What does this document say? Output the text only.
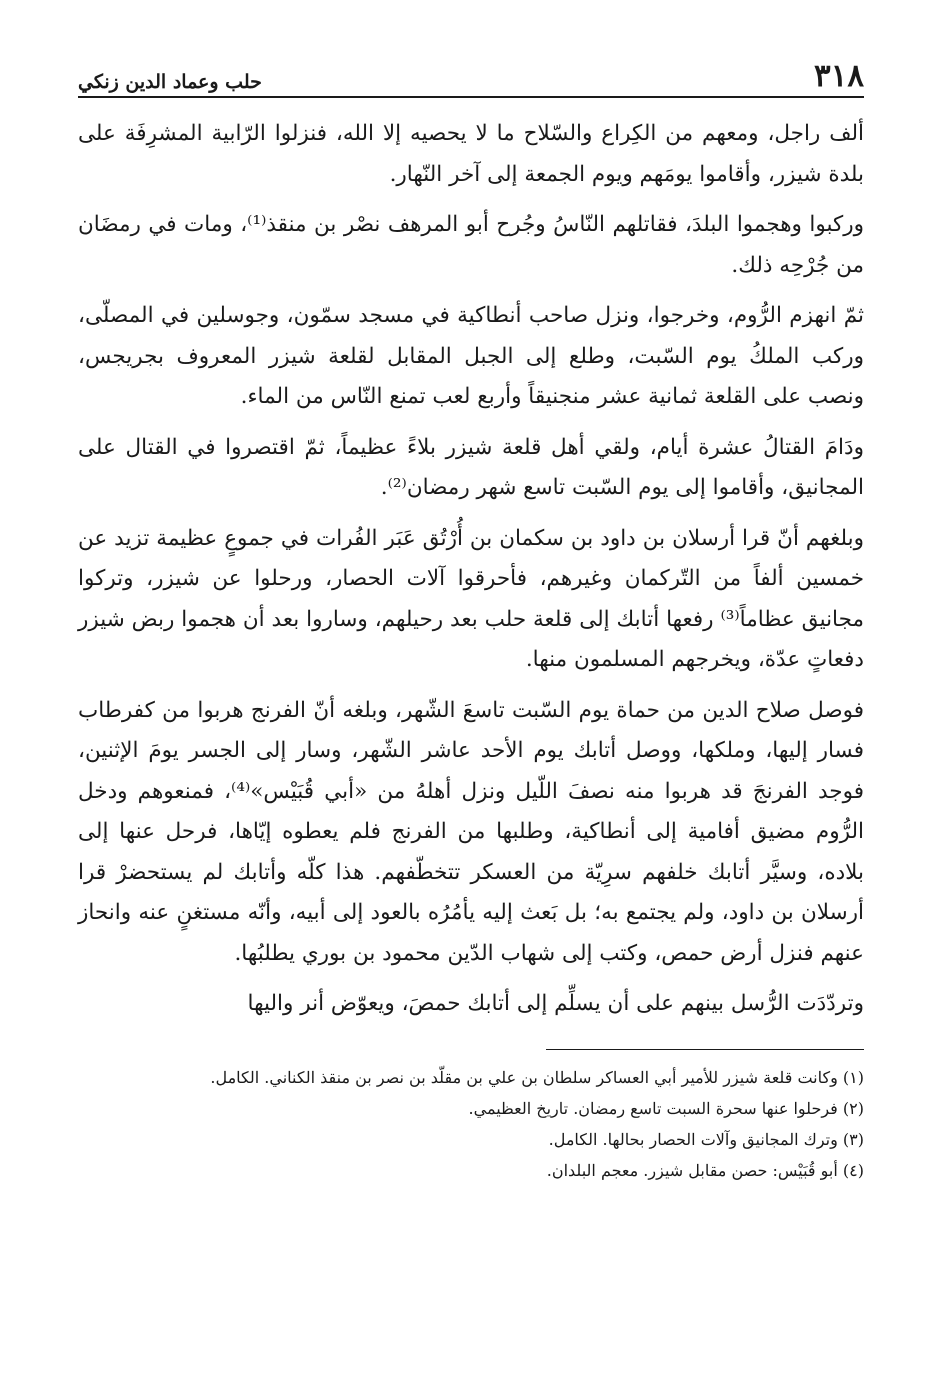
٣١٨
حلب وعماد الدين زنكي

ألف راجل، ومعهم من الكِراع والسّلاح ما لا يحصيه إلا الله، فنزلوا الرّابية المشرِفَة على بلدة شيزر، وأقاموا يومَهم ويوم الجمعة إلى آخر النّهار.

وركبوا وهجموا البلدَ، فقاتلهم النّاسُ وجُرح أبو المرهف نصْر بن منقذ⁽¹⁾، ومات في رمضَان من جُرْحِه ذلك.

ثمّ انهزم الرُّوم، وخرجوا، ونزل صاحب أنطاكية في مسجد سمّون، وجوسلين في المصلّى، وركب الملكُ يوم السّبت، وطلع إلى الجبل المقابل لقلعة شيزر المعروف بجريجس، ونصب على القلعة ثمانية عشر منجنيقاً وأربع لعب تمنع النّاس من الماء.

ودَامَ القتالُ عشرة أيام، ولقي أهل قلعة شيزر بلاءً عظيماً، ثمّ اقتصروا في القتال على المجانيق، وأقاموا إلى يوم السّبت تاسع شهر رمضان⁽²⁾.

وبلغهم أنّ قرا أرسلان بن داود بن سكمان بن أُرْتُق عَبَر الفُرات في جموعٍ عظيمة تزيد عن خمسين ألفاً من التّركمان وغيرهم، فأحرقوا آلات الحصار، ورحلوا عن شيزر، وتركوا مجانيق عظاماً⁽³⁾ رفعها أتابك إلى قلعة حلب بعد رحيلهم، وساروا بعد أن هجموا ربض شيزر دفعاتٍ عدّة، ويخرجهم المسلمون منها.

فوصل صلاح الدين من حماة يوم السّبت تاسعَ الشّهر، وبلغه أنّ الفرنج هربوا من كفرطاب فسار إليها، وملكها، ووصل أتابك يوم الأحد عاشر الشّهر، وسار إلى الجسر يومَ الإثنين، فوجد الفرنجَ قد هربوا منه نصفَ اللّيل ونزل أهلهُ من «أبي قُبَيْس»⁽⁴⁾، فمنعوهم ودخل الرُّوم مضيق أفامية إلى أنطاكية، وطلبها من الفرنج فلم يعطوه إيّاها، فرحل عنها إلى بلاده، وسيَّر أتابك خلفهم سرِيّة من العسكر تتخطّفهم. هذا كلّه وأتابك لم يستحضرْ قرا أرسلان بن داود، ولم يجتمع به؛ بل بَعث إليه يأمُرُه بالعود إلى أبيه، وأنّه مستغنٍ عنه وانحاز عنهم فنزل أرض حمص، وكتب إلى شهاب الدّين محمود بن بوري يطلبُها.

وتردّدَت الرُّسل بينهم على أن يسلِّم إلى أتابك حمصَ، ويعوّض أنر واليها

(١) وكانت قلعة شيزر للأمير أبي العساكر سلطان بن علي بن مقلّد بن نصر بن منقذ الكناني. الكامل.

(٢) فرحلوا عنها سحرة السبت تاسع رمضان. تاريخ العظيمي.

(٣) وترك المجانيق وآلات الحصار بحالها. الكامل.

(٤) أبو قُبَيْس: حصن مقابل شيزر. معجم البلدان.
